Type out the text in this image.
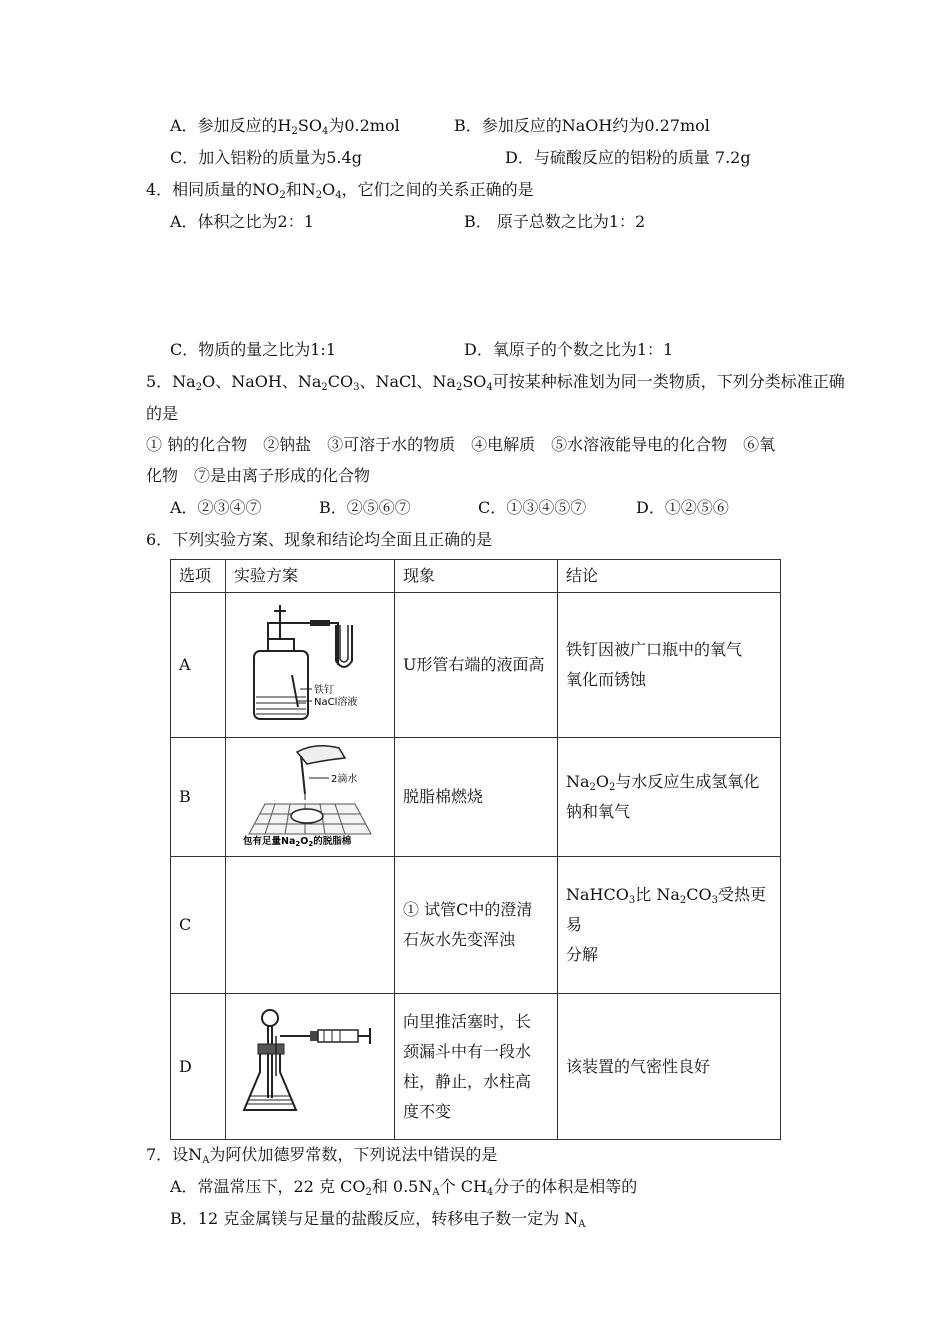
A．参加反应的$H_2SO_4$为0.2mol	B．参加反应的NaOH约为0.27mol
C．加入铝粉的质量为5.4g	D．与硫酸反应的铝粉的质量 7.2g
4．相同质量的$NO_2$和$N_2O_4$，它们之间的关系正确的是
A．体积之比为2：1	B． 原子总数之比为1：2
C．物质的量之比为1:1	D．氧原子的个数之比为1：1
5．$Na_2O$、NaOH、$Na_2CO_3$、NaCl、$Na_2SO_4$可按某种标准划为同一类物质，下列分类标准正确
的是
① 钠的化合物　②钠盐　③可溶于水的物质　④电解质　⑤水溶液能导电的化合物　⑥氧
化物　⑦是由离子形成的化合物
A．②③④⑦	B．②⑤⑥⑦	C．①③④⑤⑦	D．①②⑤⑥
6．下列实验方案、现象和结论均全面且正确的是
选项	实验方案	现象	结论
A	铁钉
NaCl溶液	U形管右端的液面高	铁钉因被广口瓶中的氧气
氧化而锈蚀

B	2滴水
包有足量$Na_2O_2$的脱脂棉	脱脂棉燃烧	$Na_2O_2$与水反应生成氢氧化
钠和氧气

C		① 试管C中的澄清
石灰水先变浑浊	NaHCO$_3$比 $Na_2CO_3$受热更易
分解

D		向里推活塞时，长
颈漏斗中有一段水
柱，静止，水柱高
度不变	该装置的气密性良好
7．设$N_A$为阿伏加德罗常数，下列说法中错误的是
A．常温常压下，22 克 $CO_2$和 $0.5N_A$个 $CH_4$分子的体积是相等的
B．12 克金属镁与足量的盐酸反应，转移电子数一定为 $N_A$
